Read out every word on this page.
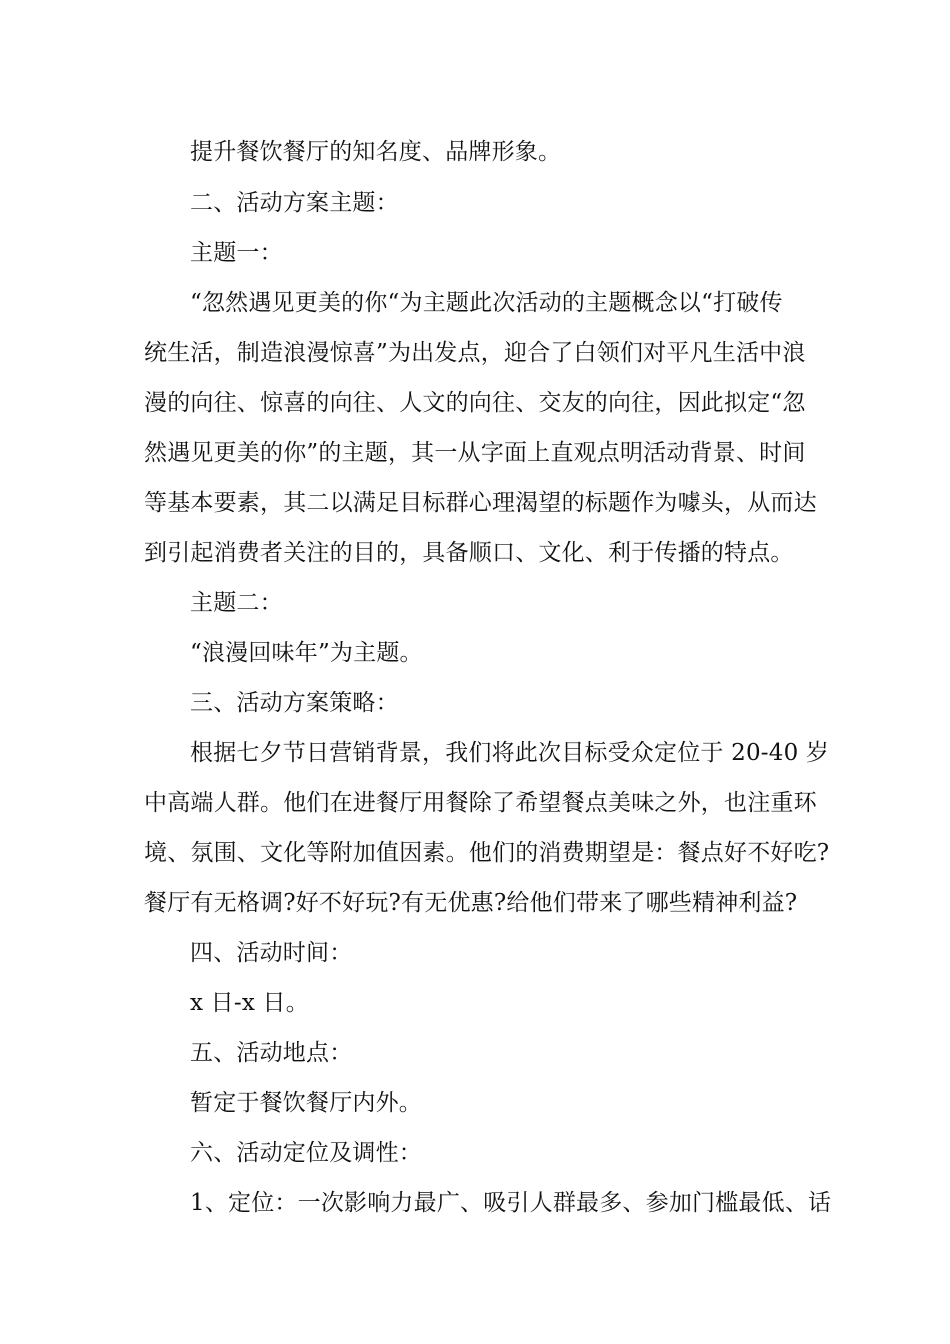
提升餐饮餐厅的知名度、品牌形象。
二、活动方案主题：
主题一：
“忽然遇见更美的你“为主题此次活动的主题概念以“打破传
统生活，制造浪漫惊喜”为出发点，迎合了白领们对平凡生活中浪
漫的向往、惊喜的向往、人文的向往、交友的向往，因此拟定“忽
然遇见更美的你”的主题，其一从字面上直观点明活动背景、时间
等基本要素，其二以满足目标群心理渴望的标题作为噱头，从而达
到引起消费者关注的目的，具备顺口、文化、利于传播的特点。
主题二：
“浪漫回味年”为主题。
三、活动方案策略：
根据七夕节日营销背景，我们将此次目标受众定位于 20-40 岁
中高端人群。他们在进餐厅用餐除了希望餐点美味之外，也注重环
境、氛围、文化等附加值因素。他们的消费期望是：餐点好不好吃?
餐厅有无格调?好不好玩?有无优惠?给他们带来了哪些精神利益?
四、活动时间：
x 日-x 日。
五、活动地点：
暂定于餐饮餐厅内外。
六、活动定位及调性：
1、定位：一次影响力最广、吸引人群最多、参加门槛最低、话
